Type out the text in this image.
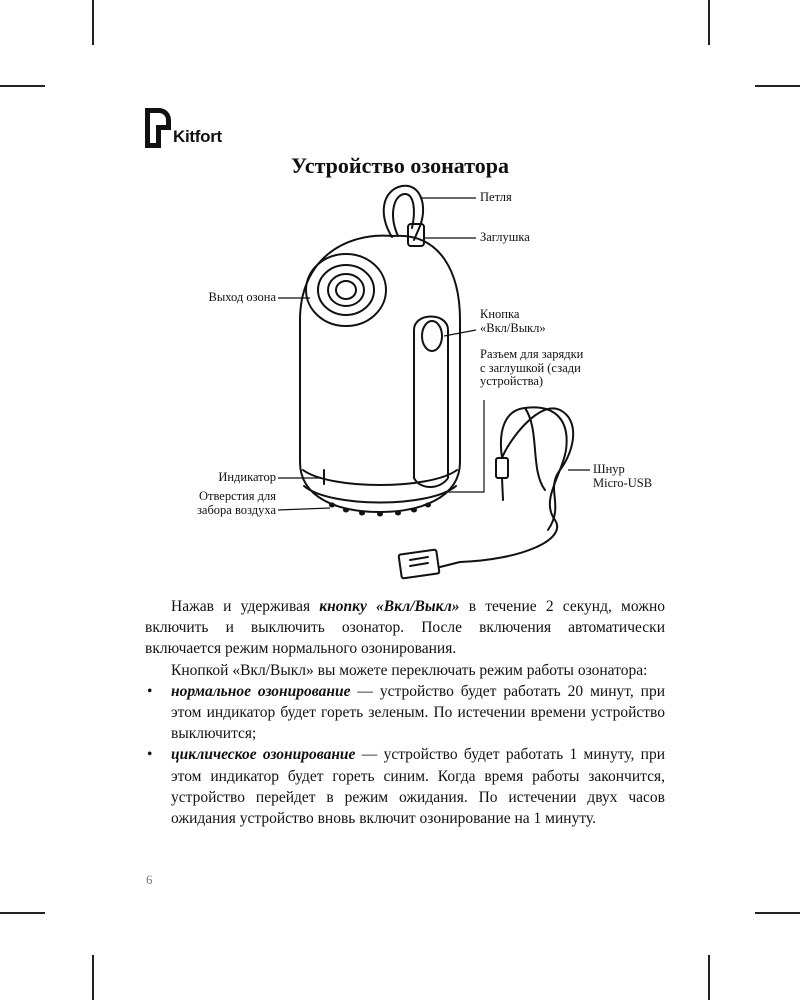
Kitfort
Устройство озонатора
Петля
Заглушка
Выход озона
Кнопка
«Вкл/Выкл»
Разъем для зарядки
с заглушкой (сзади
устройства)
Индикатор
Отверстия для
забора воздуха
Шнур
Micro-USB

Нажав и удерживая кнопку «Вкл/Выкл» в течение 2 секунд, можно включить и выключить озонатор. После включения автоматически включается режим нормального озонирования.

Кнопкой «Вкл/Выкл» вы можете переключать режим работы озонатора:

• нормальное озонирование — устройство будет работать 20 минут, при этом индикатор будет гореть зеленым. По истечении времени устройство выключится;

• циклическое озонирование — устройство будет работать 1 минуту, при этом индикатор будет гореть синим. Когда время работы закончится, устройство перейдет в режим ожидания. По истечении двух часов ожидания устройство вновь включит озонирование на 1 минуту.

6
